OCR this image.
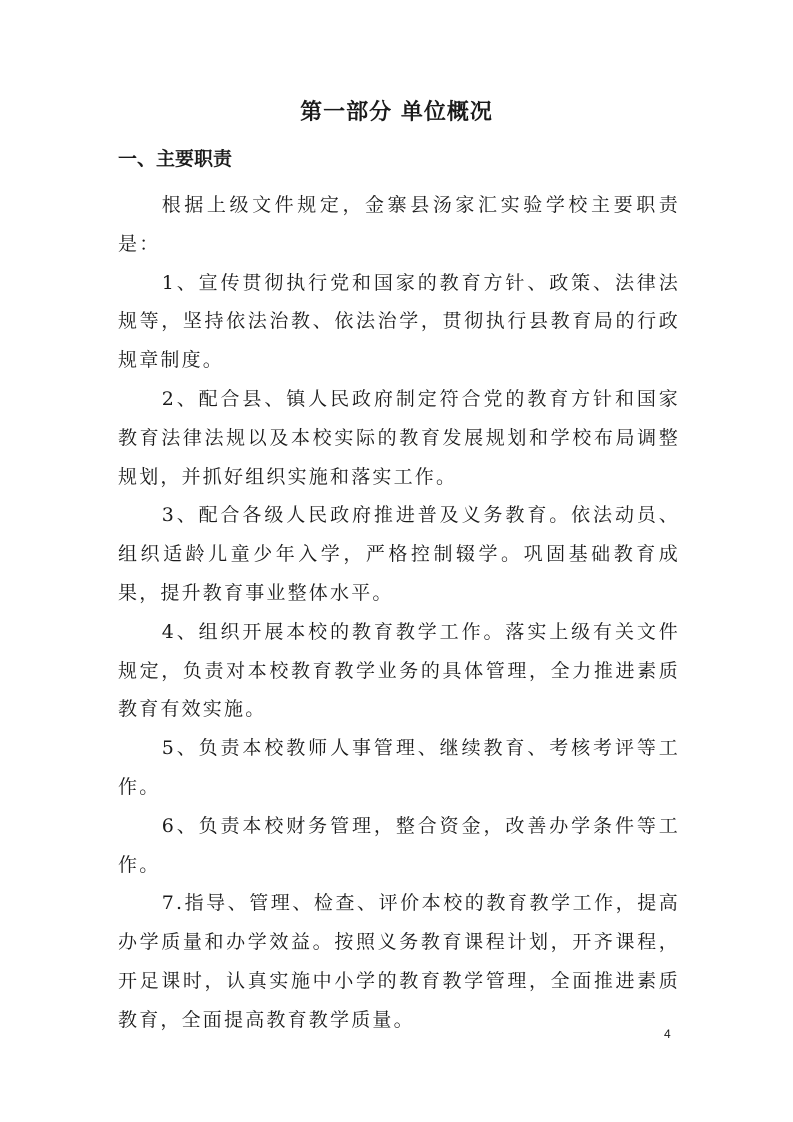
第一部分 单位概况
一、主要职责

根据上级文件规定，金寨县汤家汇实验学校主要职责是：

1、宣传贯彻执行党和国家的教育方针、政策、法律法规等，坚持依法治教、依法治学，贯彻执行县教育局的行政规章制度。

2、配合县、镇人民政府制定符合党的教育方针和国家教育法律法规以及本校实际的教育发展规划和学校布局调整规划，并抓好组织实施和落实工作。

3、配合各级人民政府推进普及义务教育。依法动员、组织适龄儿童少年入学，严格控制辍学。巩固基础教育成果，提升教育事业整体水平。

4、组织开展本校的教育教学工作。落实上级有关文件规定，负责对本校教育教学业务的具体管理，全力推进素质教育有效实施。

5、负责本校教师人事管理、继续教育、考核考评等工作。

6、负责本校财务管理，整合资金，改善办学条件等工作。

7.指导、管理、检查、评价本校的教育教学工作，提高办学质量和办学效益。按照义务教育课程计划，开齐课程，开足课时，认真实施中小学的教育教学管理，全面推进素质教育，全面提高教育教学质量。

4
